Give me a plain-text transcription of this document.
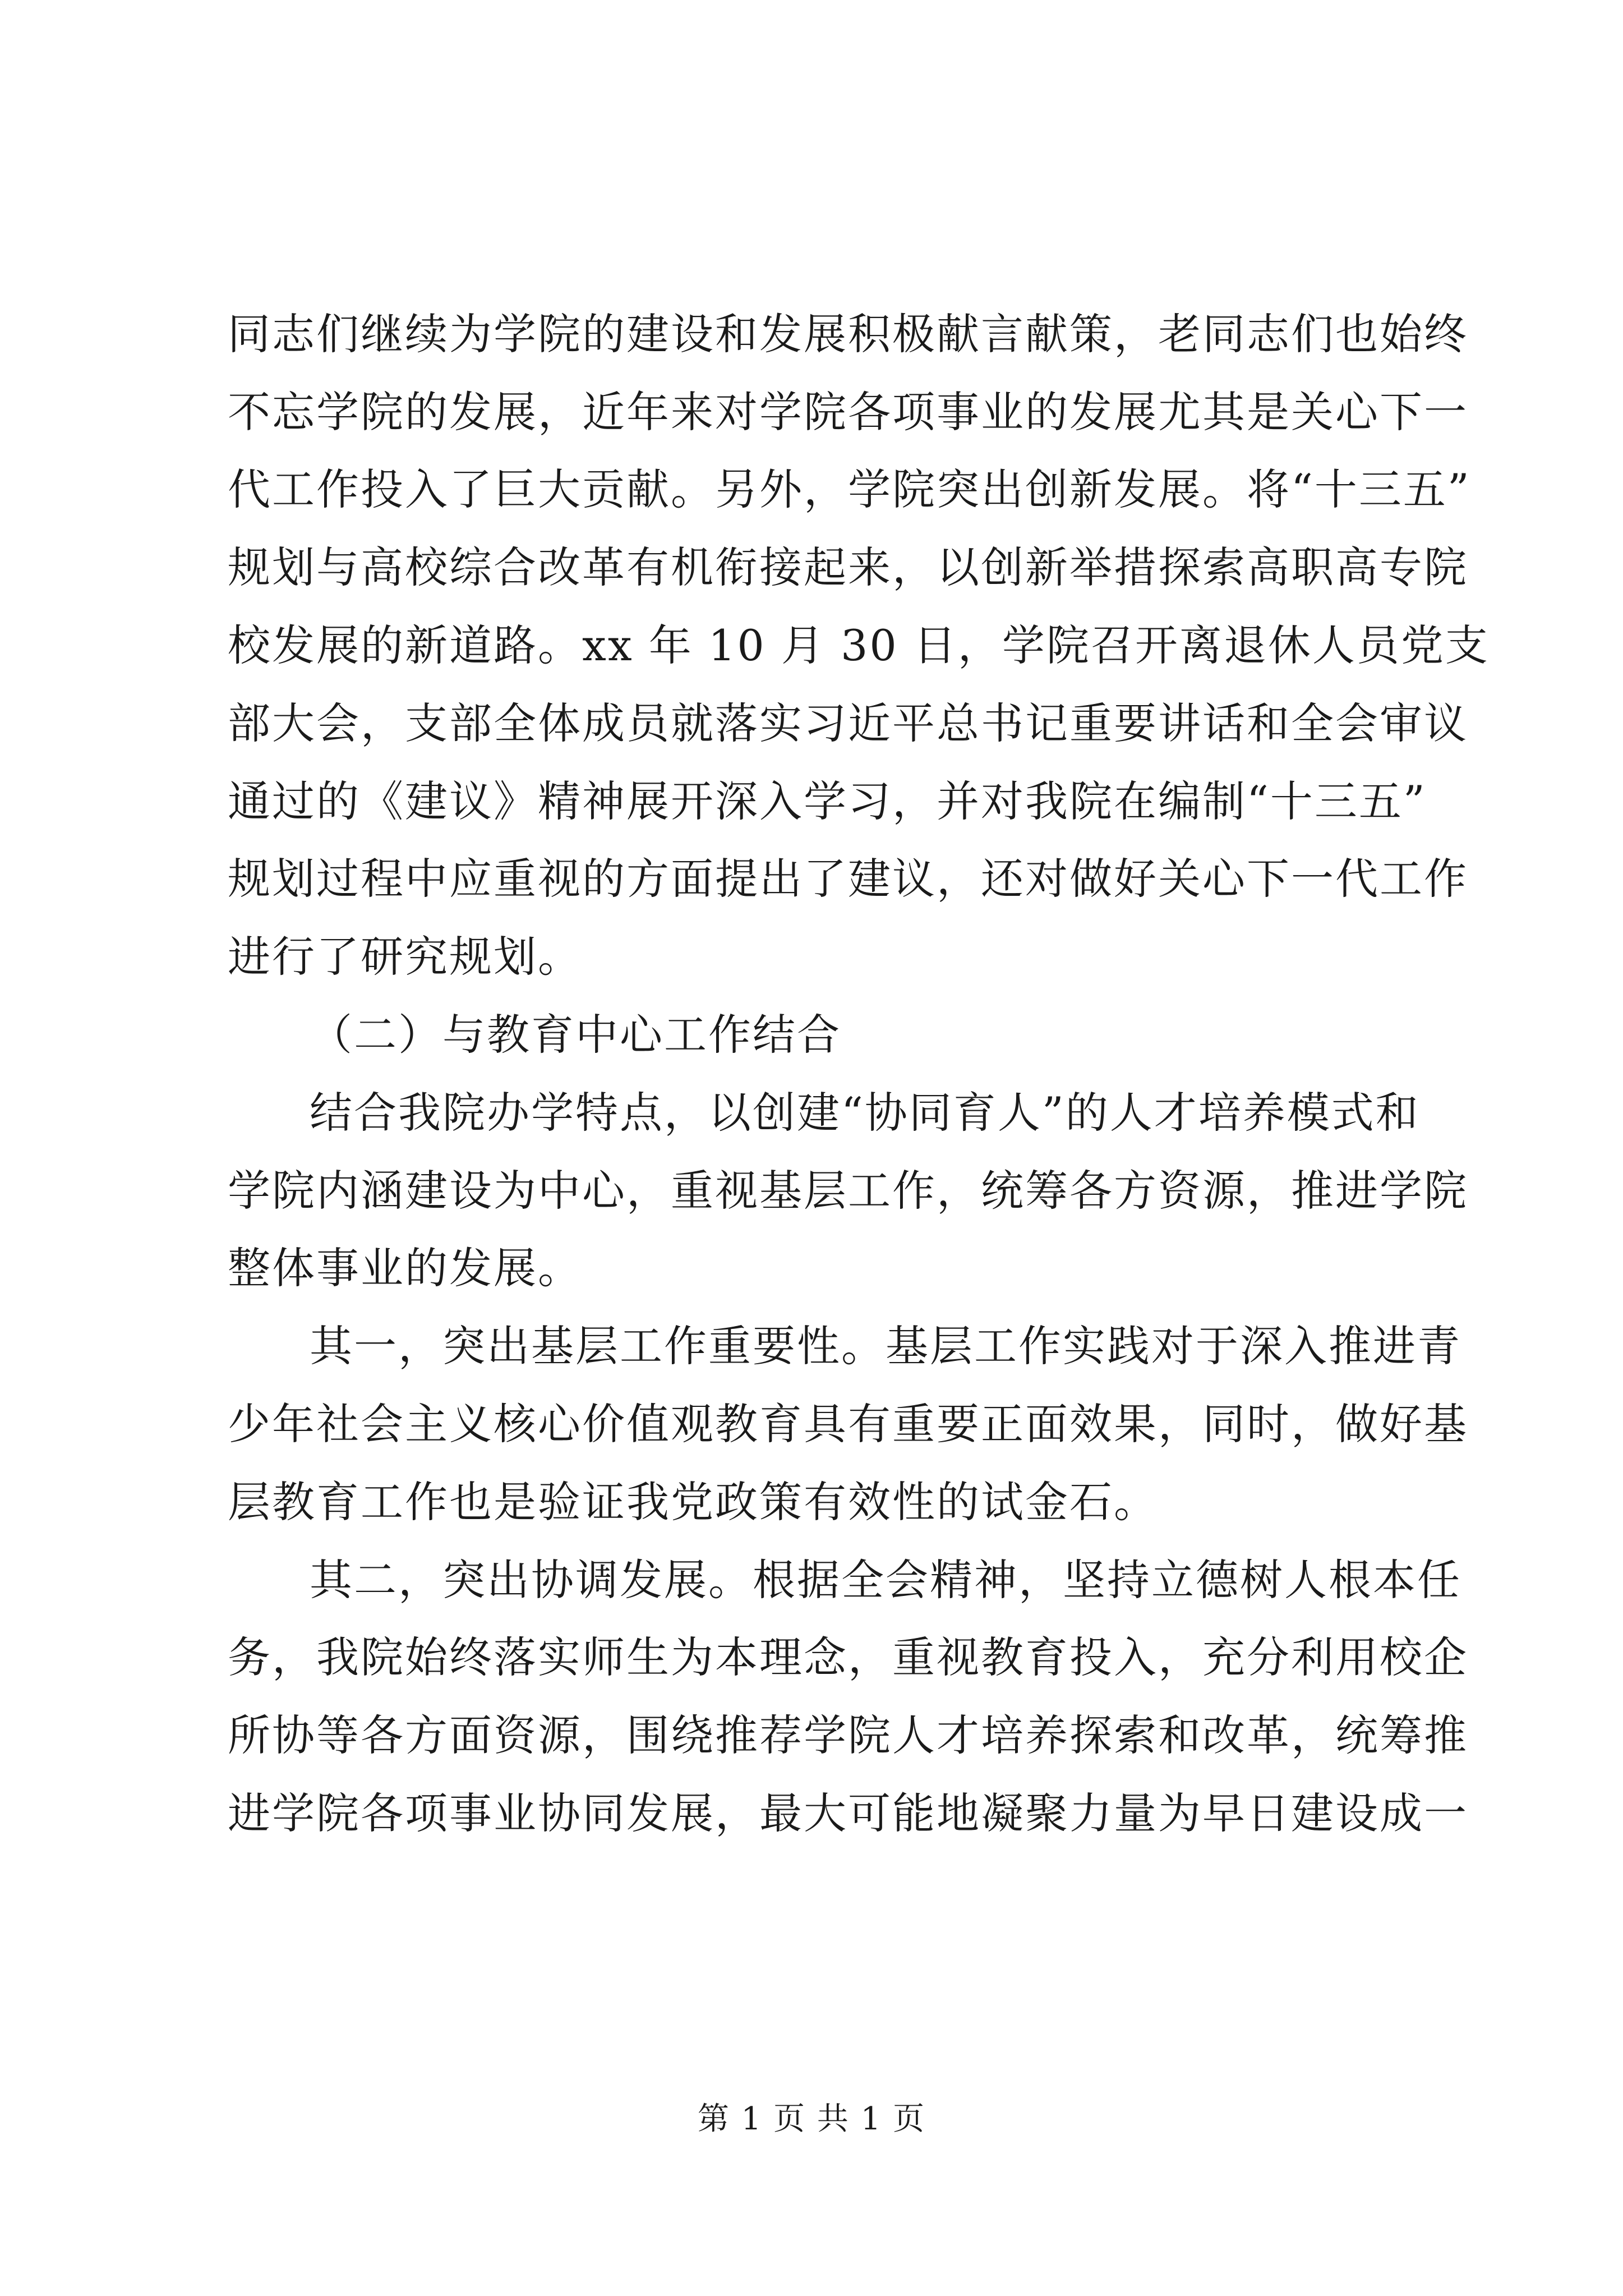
同志们继续为学院的建设和发展积极献言献策，老同志们也始终
不忘学院的发展，近年来对学院各项事业的发展尤其是关心下一
代工作投入了巨大贡献。另外，学院突出创新发展。将“十三五”
规划与高校综合改革有机衔接起来，以创新举措探索高职高专院
校发展的新道路。xx 年 10 月 30 日，学院召开离退休人员党支
部大会，支部全体成员就落实习近平总书记重要讲话和全会审议
通过的《建议》精神展开深入学习，并对我院在编制“十三五”
规划过程中应重视的方面提出了建议，还对做好关心下一代工作
进行了研究规划。
（二）与教育中心工作结合
结合我院办学特点，以创建“协同育人”的人才培养模式和
学院内涵建设为中心，重视基层工作，统筹各方资源，推进学院
整体事业的发展。
其一，突出基层工作重要性。基层工作实践对于深入推进青
少年社会主义核心价值观教育具有重要正面效果，同时，做好基
层教育工作也是验证我党政策有效性的试金石。
其二，突出协调发展。根据全会精神，坚持立德树人根本任
务，我院始终落实师生为本理念，重视教育投入，充分利用校企
所协等各方面资源，围绕推荐学院人才培养探索和改革，统筹推
进学院各项事业协同发展，最大可能地凝聚力量为早日建设成一
第 1 页 共 1 页
